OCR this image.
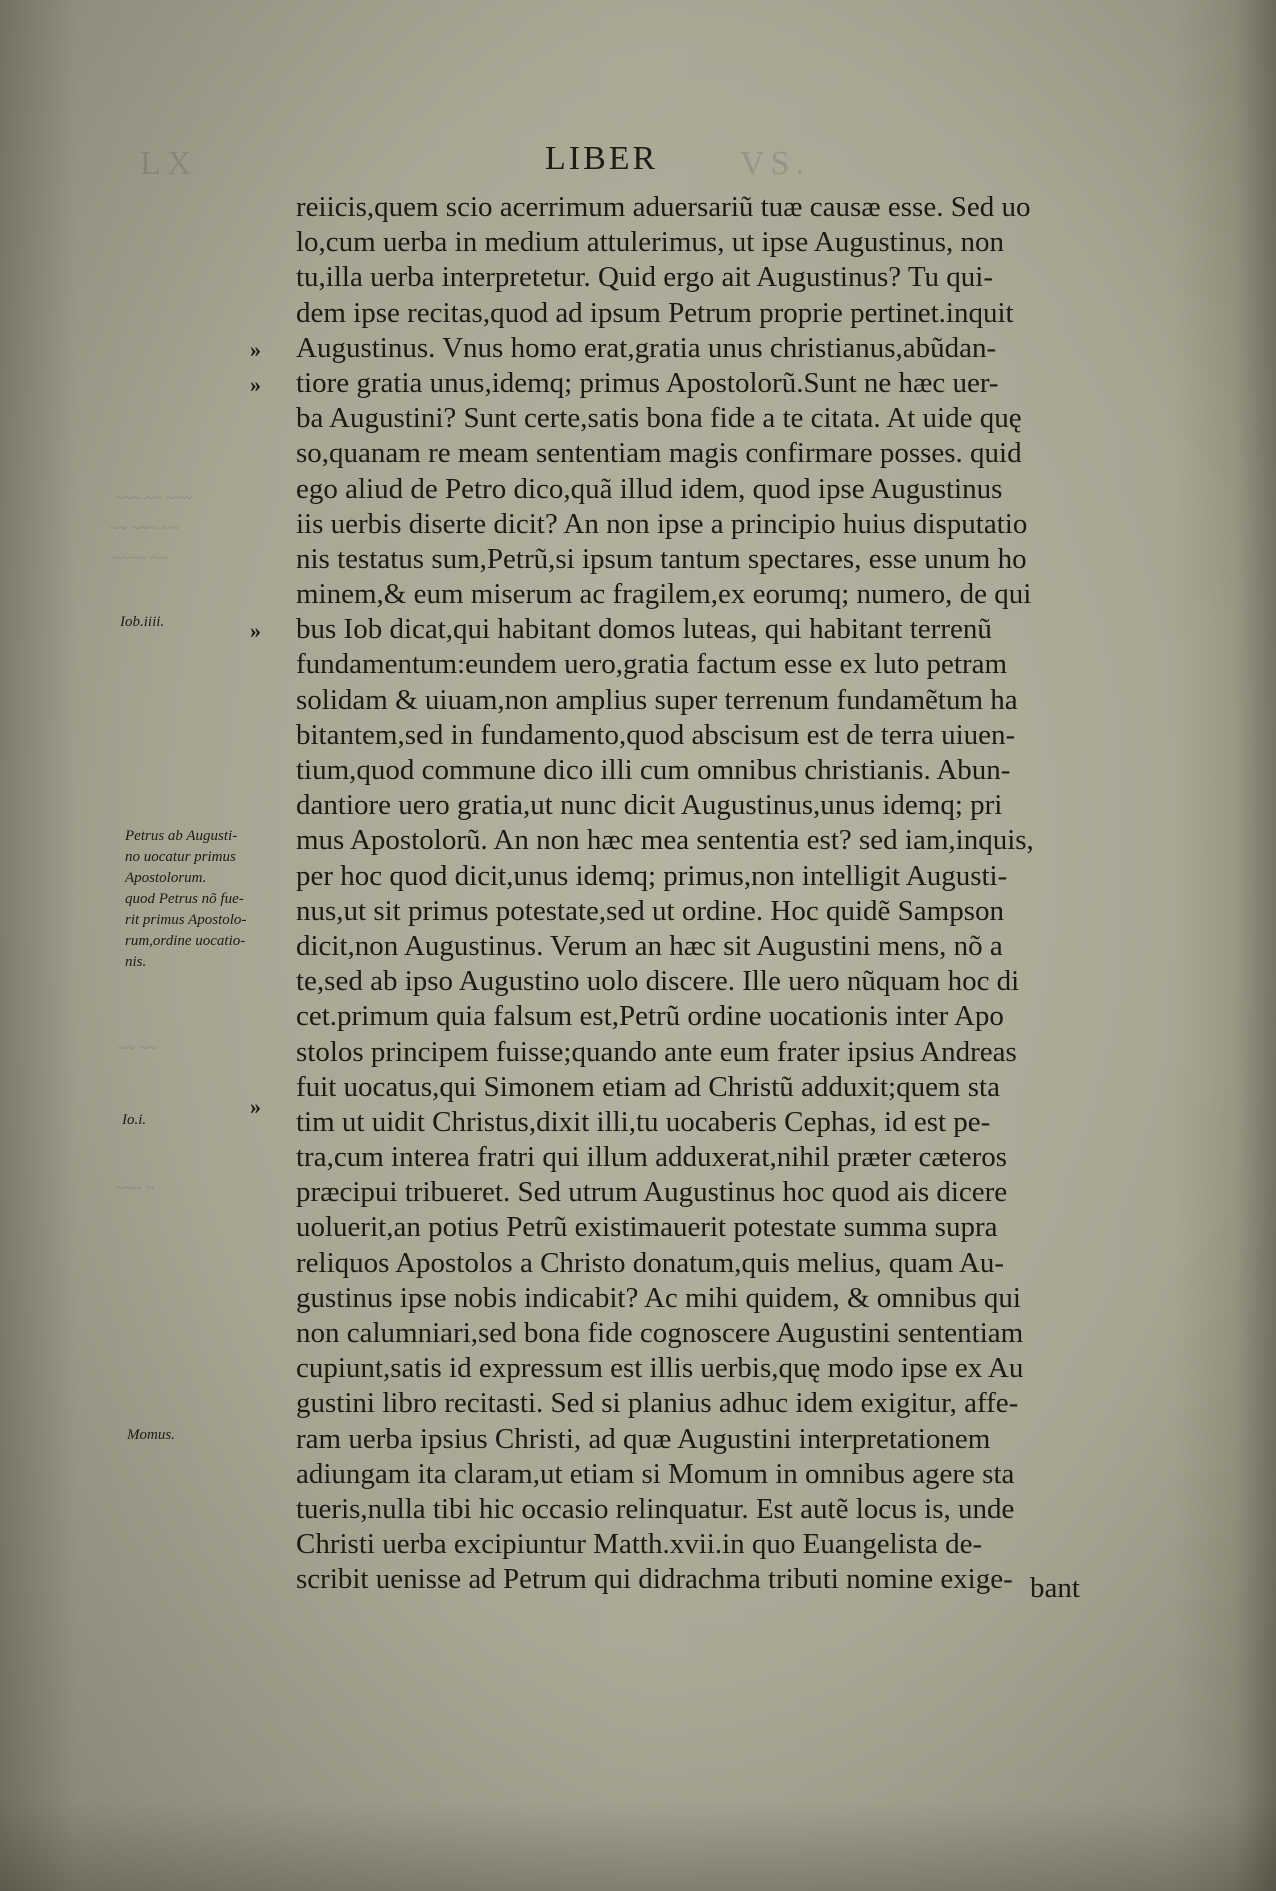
LX	VS.
LIBER
reiicis,quem scio acerrimum aduersariũ tuæ causæ esse. Sed uo
lo,cum uerba in medium attulerimus, ut ipse Augustinus, non
tu,illa uerba interpretetur. Quid ergo ait Augustinus? Tu qui-
dem ipse recitas,quod ad ipsum Petrum proprie pertinet.inquit
Augustinus. Vnus homo erat,gratia unus christianus,abũdan-
tiore gratia unus,idemq; primus Apostolorũ.Sunt ne hæc uer-
ba Augustini? Sunt certe,satis bona fide a te citata. At uide quę
so,quanam re meam sententiam magis confirmare posses. quid
ego aliud de Petro dico,quã illud idem, quod ipse Augustinus
iis uerbis diserte dicit? An non ipse a principio huius disputatio
nis testatus sum,Petrũ,si ipsum tantum spectares, esse unum ho
minem,& eum miserum ac fragilem,ex eorumq; numero, de qui
bus Iob dicat,qui habitant domos luteas, qui habitant terrenũ
fundamentum:eundem uero,gratia factum esse ex luto petram
solidam & uiuam,non amplius super terrenum fundamẽtum ha
bitantem,sed in fundamento,quod abscisum est de terra uiuen-
tium,quod commune dico illi cum omnibus christianis. Abun-
dantiore uero gratia,ut nunc dicit Augustinus,unus idemq; pri
mus Apostolorũ. An non hæc mea sententia est? sed iam,inquis,
per hoc quod dicit,unus idemq; primus,non intelligit Augusti-
nus,ut sit primus potestate,sed ut ordine. Hoc quidẽ Sampson
dicit,non Augustinus. Verum an hæc sit Augustini mens, nõ a
te,sed ab ipso Augustino uolo discere. Ille uero nũquam hoc di
cet.primum quia falsum est,Petrũ ordine uocationis inter Apo
stolos principem fuisse;quando ante eum frater ipsius Andreas
fuit uocatus,qui Simonem etiam ad Christũ adduxit;quem sta
tim ut uidit Christus,dixit illi,tu uocaberis Cephas, id est pe-
tra,cum interea fratri qui illum adduxerat,nihil præter cæteros
præcipui tribueret. Sed utrum Augustinus hoc quod ais dicere
uoluerit,an potius Petrũ existimauerit potestate summa supra
reliquos Apostolos a Christo donatum,quis melius, quam Au-
gustinus ipse nobis indicabit? Ac mihi quidem, & omnibus qui
non calumniari,sed bona fide cognoscere Augustini sententiam
cupiunt,satis id expressum est illis uerbis,quę modo ipse ex Au
gustini libro recitasti. Sed si planius adhuc idem exigitur, affe-
ram uerba ipsius Christi, ad quæ Augustini interpretationem
adiungam ita claram,ut etiam si Momum in omnibus agere sta
tueris,nulla tibi hic occasio relinquatur. Est autẽ locus is, unde
Christi uerba excipiuntur Matth.xvii.in quo Euangelista de-
scribit uenisse ad Petrum qui didrachma tributi nomine exige- bant
»
»
»
»
Iob.iiii.
Petrus ab Augusti-
no uocatur primus
Apostolorum.
quod Petrus nõ fue-
rit primus Apostolo-
rum,ordine uocatio-
nis.
Io.i.
Momus.
~~~ ~~ ~~~
~~ ~~~ ~~
~~~~ ~~
~~ ~~
~~~ ~
